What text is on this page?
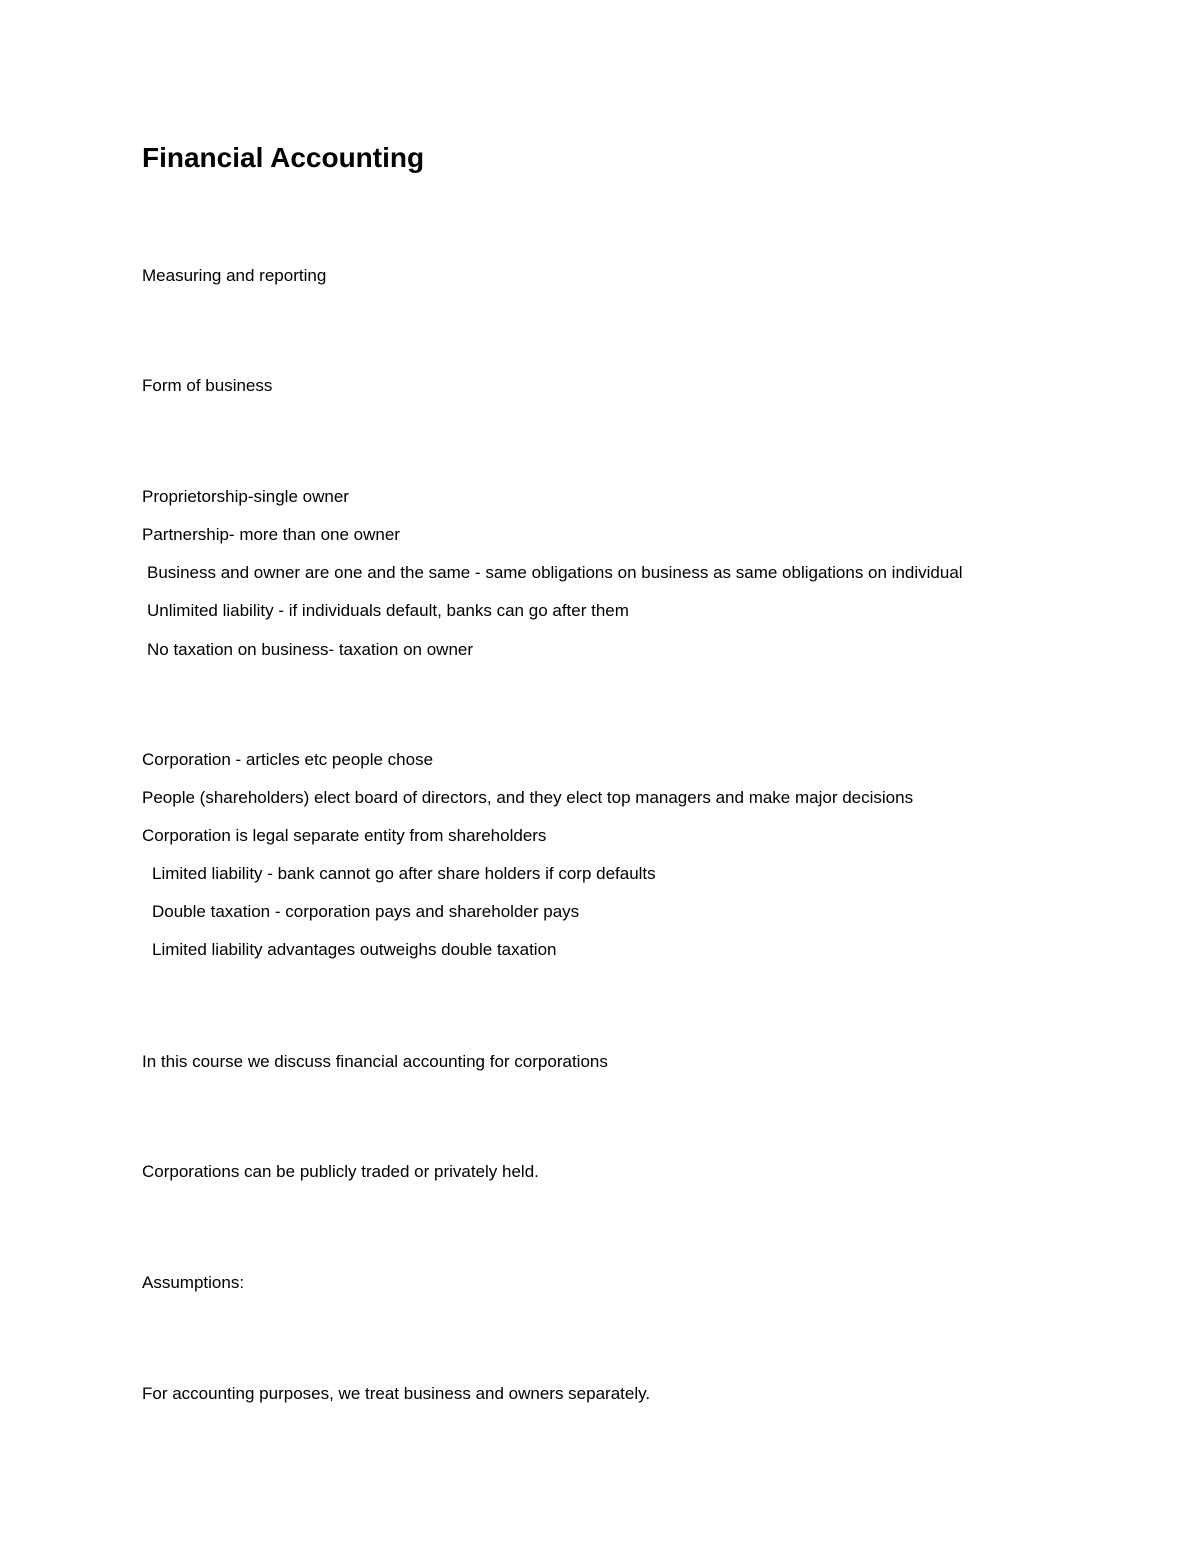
Financial Accounting
Measuring and reporting
Form of business
Proprietorship-single owner
Partnership- more than one owner
Business and owner are one and the same - same obligations on business as same obligations on individual
Unlimited liability - if individuals default, banks can go after them
No taxation on business- taxation on owner
Corporation - articles etc people chose
People (shareholders) elect board of directors, and they elect top managers and make major decisions
Corporation is legal separate entity from shareholders
Limited liability - bank cannot go after share holders if corp defaults
Double taxation - corporation pays and shareholder pays
Limited liability advantages outweighs double taxation
In this course we discuss financial accounting for corporations
Corporations can be publicly traded or privately held.
Assumptions:
For accounting purposes, we treat business and owners separately.
